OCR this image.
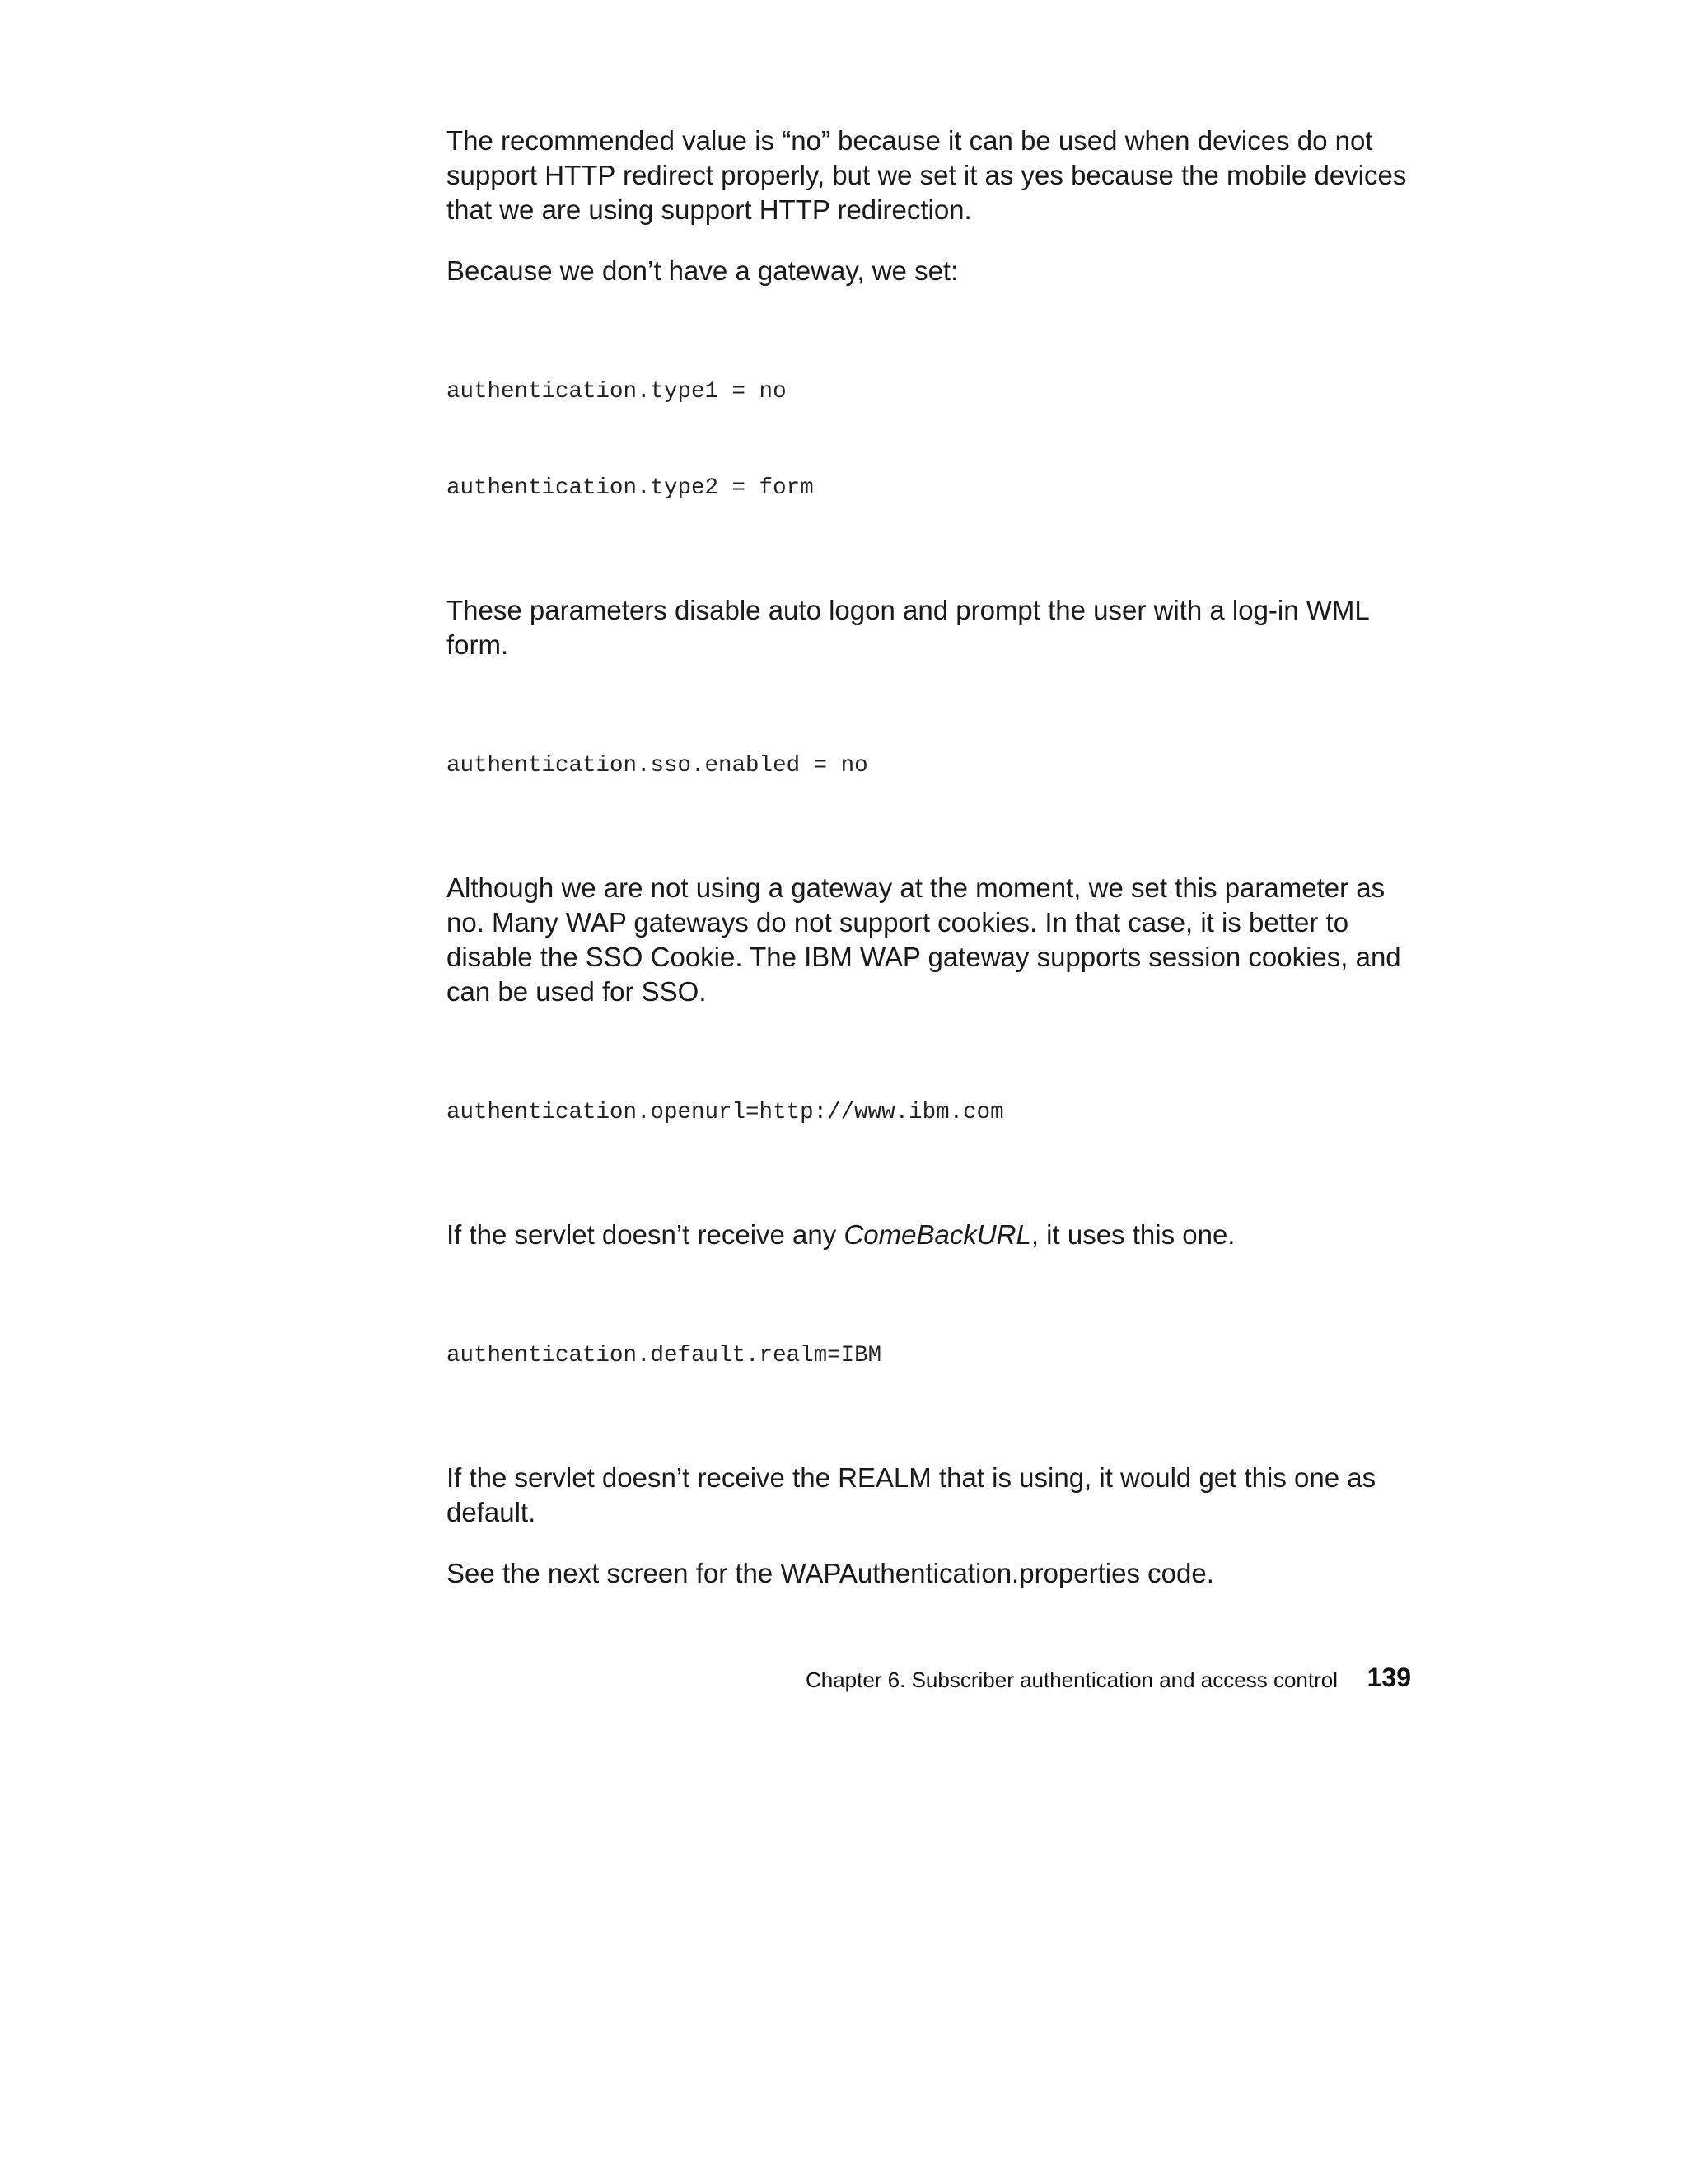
The recommended value is “no” because it can be used when devices do not support HTTP redirect properly, but we set it as yes because the mobile devices that we are using support HTTP redirection.

Because we don’t have a gateway, we set:

authentication.type1 = no

authentication.type2 = form

These parameters disable auto logon and prompt the user with a log-in WML form.

authentication.sso.enabled = no

Although we are not using a gateway at the moment, we set this parameter as no. Many WAP gateways do not support cookies. In that case, it is better to disable the SSO Cookie. The IBM WAP gateway supports session cookies, and can be used for SSO.

authentication.openurl=http://www.ibm.com

If the servlet doesn’t receive any ComeBackURL, it uses this one.

authentication.default.realm=IBM

If the servlet doesn’t receive the REALM that is using, it would get this one as default.

See the next screen for the WAPAuthentication.properties code.

Chapter 6. Subscriber authentication and access control 139
